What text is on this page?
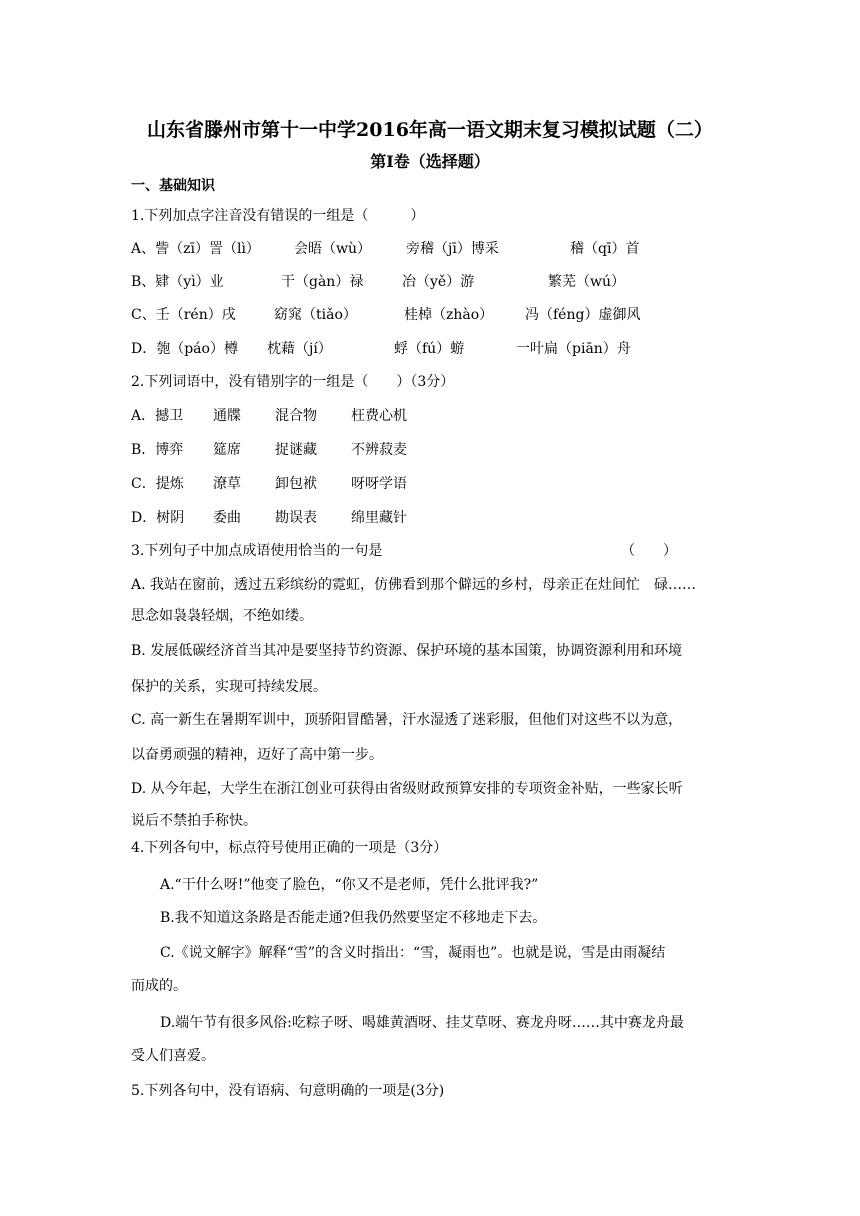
山东省滕州市第十一中学2016年高一语文期末复习模拟试题（二）
第Ⅰ卷（选择题）
一、基础知识
1.下列加点字注音没有错误的一组是（　　　）
A、訾（zī）詈（lì） 会晤（wù）	旁稽（jī）博采	稽（qī）首
B、肄（yì）业	干（gàn）禄	冶（yě）游	繁芜（wú）
C、壬（rén）戌	窈窕（tiǎo）	桂棹（zhào） 冯（féng）虚御风
D．匏（páo）樽 枕藉（jí）	蜉（fú）蝣	一叶扁（piān）舟
2.下列词语中，没有错别字的一组是（　　）（3分）
A．撼卫 通牒 混合物 枉费心机
B．博弈 筵席 捉谜藏 不辨菽麦
C．提炼 潦草 卸包袱 呀呀学语
D．树阴 委曲 勘误表 绵里藏针
3.下列句子中加点成语使用恰当的一句是	（　　）
A. 我站在窗前，透过五彩缤纷的霓虹，仿佛看到那个僻远的乡村，母亲正在灶间忙　碌……
思念如袅袅轻烟，不绝如缕。
B. 发展低碳经济首当其冲是要坚持节约资源、保护环境的基本国策，协调资源利用和环境
保护的关系，实现可持续发展。
C. 高一新生在暑期军训中，顶骄阳冒酷暑，汗水湿透了迷彩服，但他们对这些不以为意，
以奋勇顽强的精神，迈好了高中第一步。
D. 从今年起，大学生在浙江创业可获得由省级财政预算安排的专项资金补贴，一些家长听
说后不禁拍手称快。
4.下列各句中，标点符号使用正确的一项是（3分）
A.“干什么呀!”他变了脸色，“你又不是老师，凭什么批评我?”
B.我不知道这条路是否能走通?但我仍然要坚定不移地走下去。
C.《说文解字》解释“雪”的含义时指出：“雪，凝雨也”。也就是说，雪是由雨凝结
而成的。
D.端午节有很多风俗:吃粽子呀、喝雄黄酒呀、挂艾草呀、赛龙舟呀……其中赛龙舟最
受人们喜爱。
5.下列各句中，没有语病、句意明确的一项是(3分)
